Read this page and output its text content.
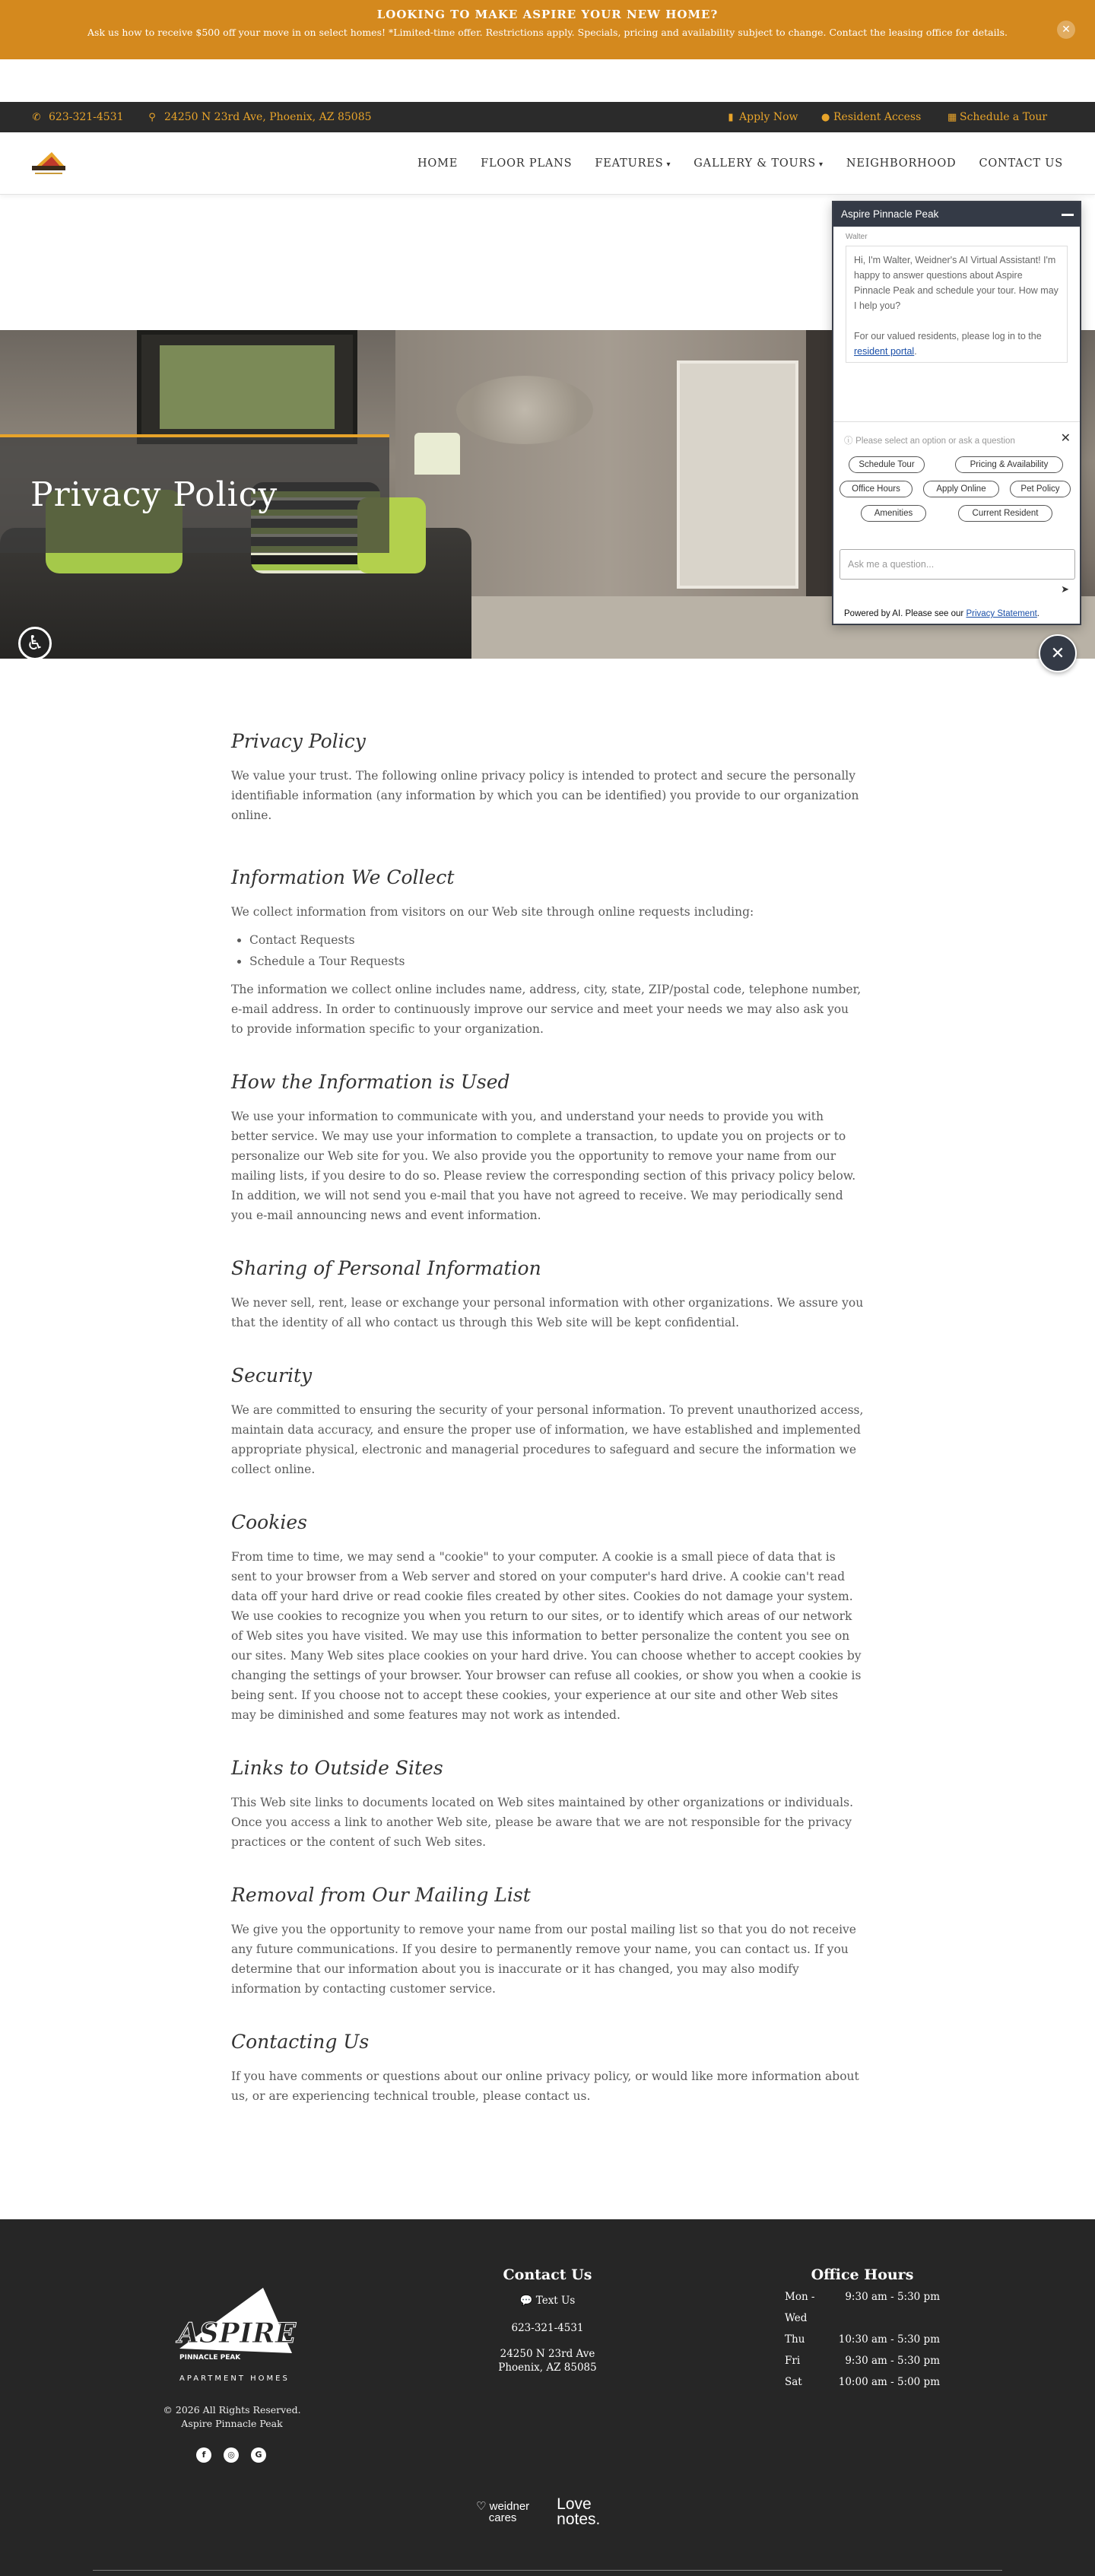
LOOKING TO MAKE ASPIRE YOUR NEW HOME?

Ask us how to receive $500 off your move in on select homes! *Limited-time offer. Restrictions apply. Specials, pricing and availability subject to change. Contact the leasing office for details.	✕
✆ 623-321-4531	⚲ 24250 N 23rd Ave, Phoenix, AZ 85085	▮ Apply Now ● Resident Access	▦ Schedule a Tour
HOME FLOOR PLANS FEATURES ▾ GALLERY & TOURS ▾ NEIGHBORHOOD CONTACT US
Privacy Policy
♿
Aspire Pinnacle Peak
Walter
Hi, I'm Walter, Weidner's AI Virtual Assistant! I'm happy to answer questions about Aspire Pinnacle Peak and schedule your tour. How may I help you?

For our valued residents, please log in to the resident portal.
ⓘ Please select an option or ask a question	✕
Schedule Tour	Pricing & Availability
Office Hours	Apply Online	Pet Policy
Amenities	Current Resident
Ask me a question...
➤
Powered by AI. Please see our Privacy Statement.
✕
Privacy Policy

We value your trust. The following online privacy policy is intended to protect and secure the personally identifiable information (any information by which you can be identified) you provide to our organization online.

Information We Collect

We collect information from visitors on our Web site through online requests including:

• Contact Requests
• Schedule a Tour Requests

The information we collect online includes name, address, city, state, ZIP/postal code, telephone number, e-mail address. In order to continuously improve our service and meet your needs we may also ask you to provide information specific to your organization.

How the Information is Used

We use your information to communicate with you, and understand your needs to provide you with better service. We may use your information to complete a transaction, to update you on projects or to personalize our Web site for you. We also provide you the opportunity to remove your name from our mailing lists, if you desire to do so. Please review the corresponding section of this privacy policy below. In addition, we will not send you e-mail that you have not agreed to receive. We may periodically send you e-mail announcing news and event information.

Sharing of Personal Information

We never sell, rent, lease or exchange your personal information with other organizations. We assure you that the identity of all who contact us through this Web site will be kept confidential.

Security

We are committed to ensuring the security of your personal information. To prevent unauthorized access, maintain data accuracy, and ensure the proper use of information, we have established and implemented appropriate physical, electronic and managerial procedures to safeguard and secure the information we collect online.

Cookies

From time to time, we may send a "cookie" to your computer. A cookie is a small piece of data that is sent to your browser from a Web server and stored on your computer's hard drive. A cookie can't read data off your hard drive or read cookie files created by other sites. Cookies do not damage your system. We use cookies to recognize you when you return to our sites, or to identify which areas of our network of Web sites you have visited. We may use this information to better personalize the content you see on our sites. Many Web sites place cookies on your hard drive. You can choose whether to accept cookies by changing the settings of your browser. Your browser can refuse all cookies, or show you when a cookie is being sent. If you choose not to accept these cookies, your experience at our site and other Web sites may be diminished and some features may not work as intended.

Links to Outside Sites

This Web site links to documents located on Web sites maintained by other organizations or individuals. Once you access a link to another Web site, please be aware that we are not responsible for the privacy practices or the content of such Web sites.

Removal from Our Mailing List

We give you the opportunity to remove your name from our postal mailing list so that you do not receive any future communications. If you desire to permanently remove your name, you can contact us. If you determine that our information about you is inaccurate or it has changed, you may also modify information by contacting customer service.

Contacting Us

If you have comments or questions about our online privacy policy, or would like more information about us, or are experiencing technical trouble, please contact us.

ASPIRE
PINNACLE PEAK
APARTMENT HOMES
© 2026 All Rights Reserved. Aspire Pinnacle Peak
f	◎	G
Contact Us
💬 Text Us
623-321-4531
24250 N 23rd Ave
Phoenix, AZ 85085
Office Hours
Mon - Wed
9:30 am - 5:30 pm
Thu	10:30 am - 5:30 pm
Fri	9:30 am - 5:30 pm
Sat	10:00 am - 5:00 pm
♡ weidner
cares
Love
notes.
